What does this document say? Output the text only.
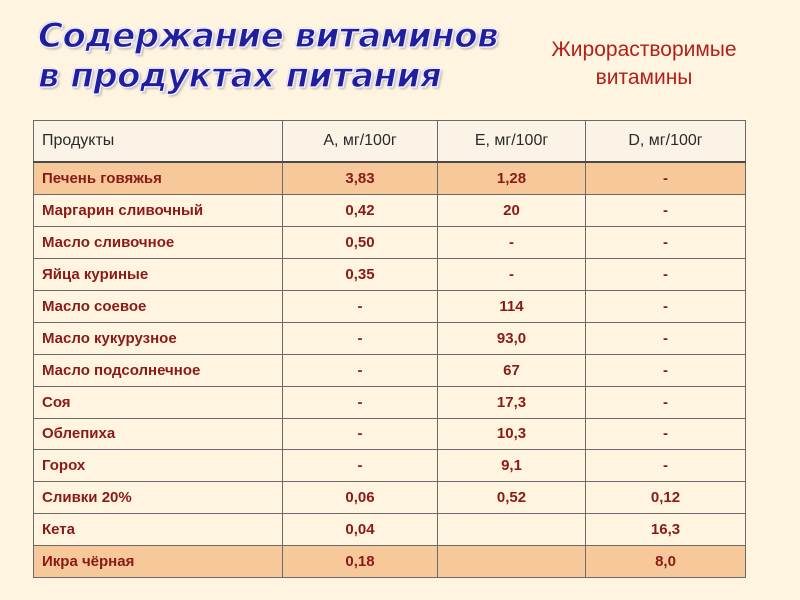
Содержание витаминов
в продуктах питания
Жирорастворимые
витамины
Продукты	А, мг/100г	Е, мг/100г	D, мг/100г
Печень говяжья	3,83	1,28	-
Маргарин сливочный	0,42	20	-
Масло сливочное	0,50	-	-
Яйца куриные	0,35	-	-
Масло соевое	-	114	-
Масло кукурузное	-	93,0	-
Масло подсолнечное	-	67	-
Соя	-	17,3	-
Облепиха	-	10,3	-
Горох	-	9,1	-
Сливки 20%	0,06	0,52	0,12
Кета	0,04		16,3
Икра чёрная	0,18		8,0
